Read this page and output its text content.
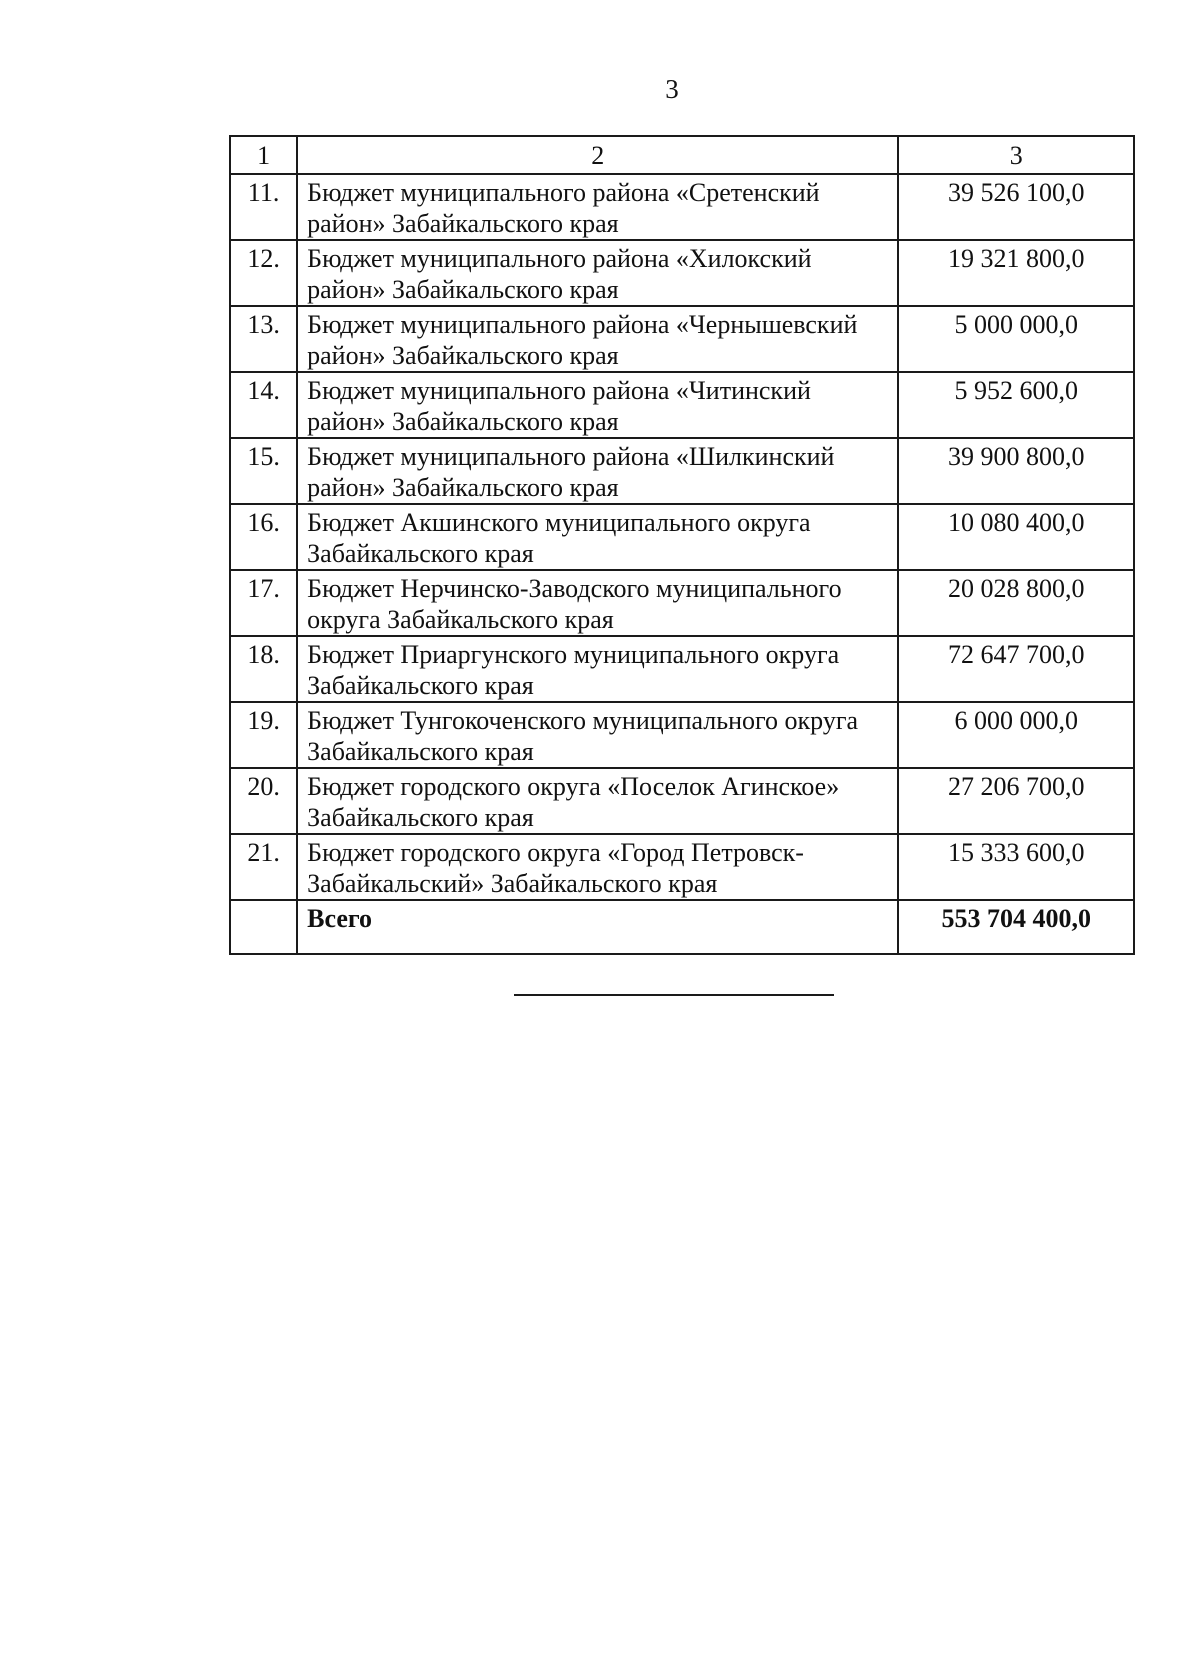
3
1	2	3
11.	Бюджет муниципального района «Сретенский район» Забайкальского края	39 526 100,0
12.	Бюджет муниципального района «Хилокский район» Забайкальского края	19 321 800,0
13.	Бюджет муниципального района «Чернышевский район» Забайкальского края	5 000 000,0
14.	Бюджет муниципального района «Читинский район» Забайкальского края	5 952 600,0
15.	Бюджет муниципального района «Шилкинский район» Забайкальского края	39 900 800,0
16.	Бюджет Акшинского муниципального округа Забайкальского края	10 080 400,0
17.	Бюджет Нерчинско-Заводского муниципального округа Забайкальского края	20 028 800,0
18.	Бюджет Приаргунского муниципального округа Забайкальского края	72 647 700,0
19.	Бюджет Тунгокоченского муниципального округа Забайкальского края	6 000 000,0
20.	Бюджет городского округа «Поселок Агинское» Забайкальского края	27 206 700,0
21.	Бюджет городского округа «Город Петровск-Забайкальский» Забайкальского края	15 333 600,0
	Всего	553 704 400,0
